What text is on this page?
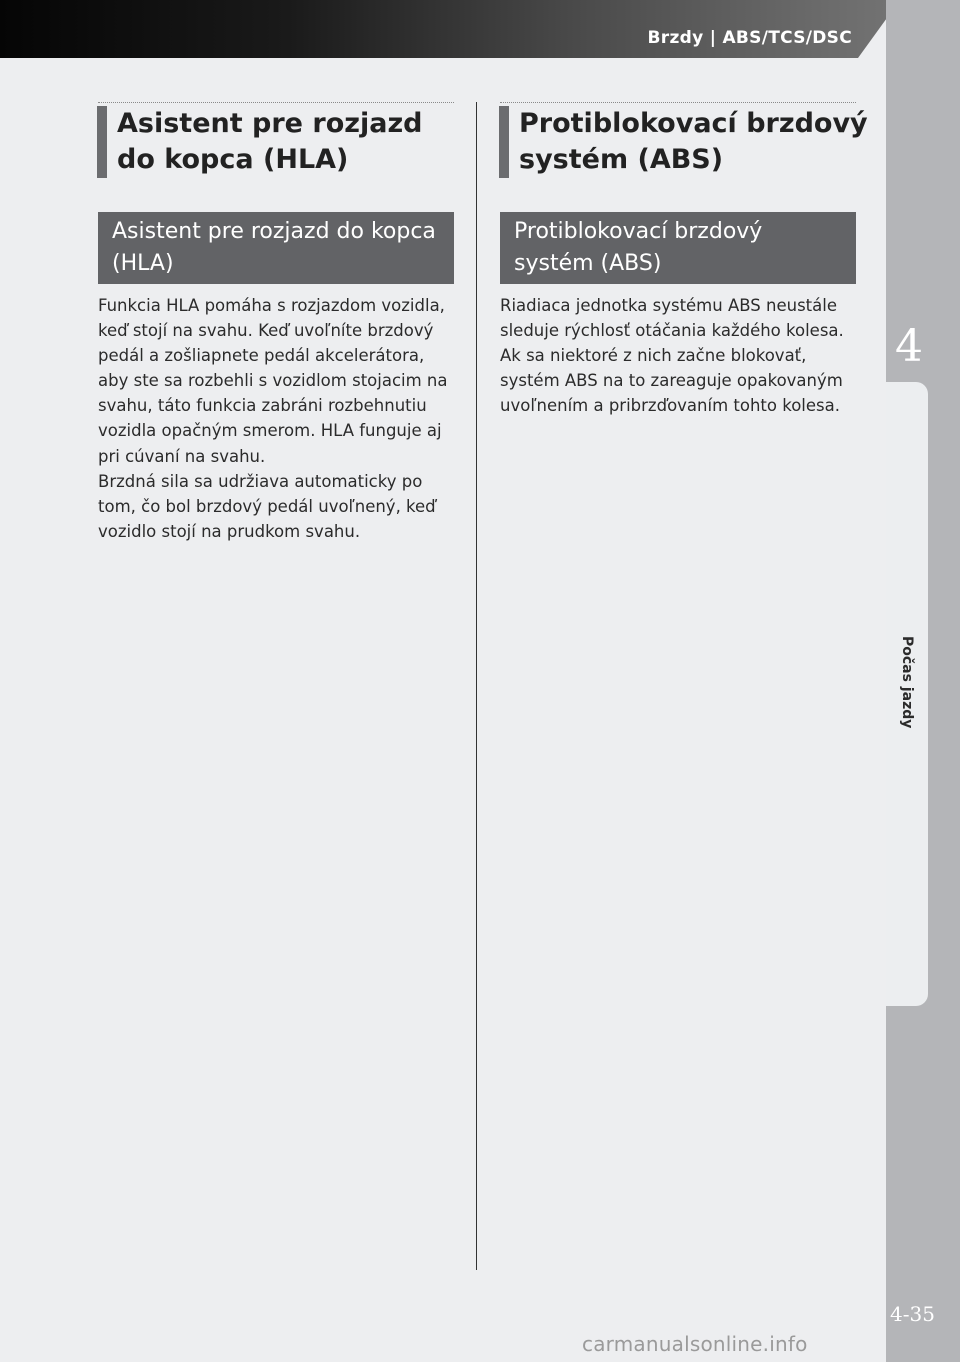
Brzdy | ABS/TCS/DSC
4
Počas jazdy
4-35
carmanualsonline.info
Asistent pre rozjazd do kopca (HLA)
Asistent pre rozjazd do kopca (HLA)

Funkcia HLA pomáha s rozjazdom vozidla, keď stojí na svahu. Keď uvoľníte brzdový pedál a zošliapnete pedál akcelerátora, aby ste sa rozbehli s vozidlom stojacim na svahu, táto funkcia zabráni rozbehnutiu vozidla opačným smerom. HLA funguje aj pri cúvaní na svahu.

Brzdná sila sa udržiava automaticky po tom, čo bol brzdový pedál uvoľnený, keď vozidlo stojí na prudkom svahu.

Protiblokovací brzdový systém (ABS)
Protiblokovací brzdový systém (ABS)

Riadiaca jednotka systému ABS neustále sleduje rýchlosť otáčania každého kolesa. Ak sa niektoré z nich začne blokovať, systém ABS na to zareaguje opakovaným uvoľnením a pribrzďovaním tohto kolesa.
